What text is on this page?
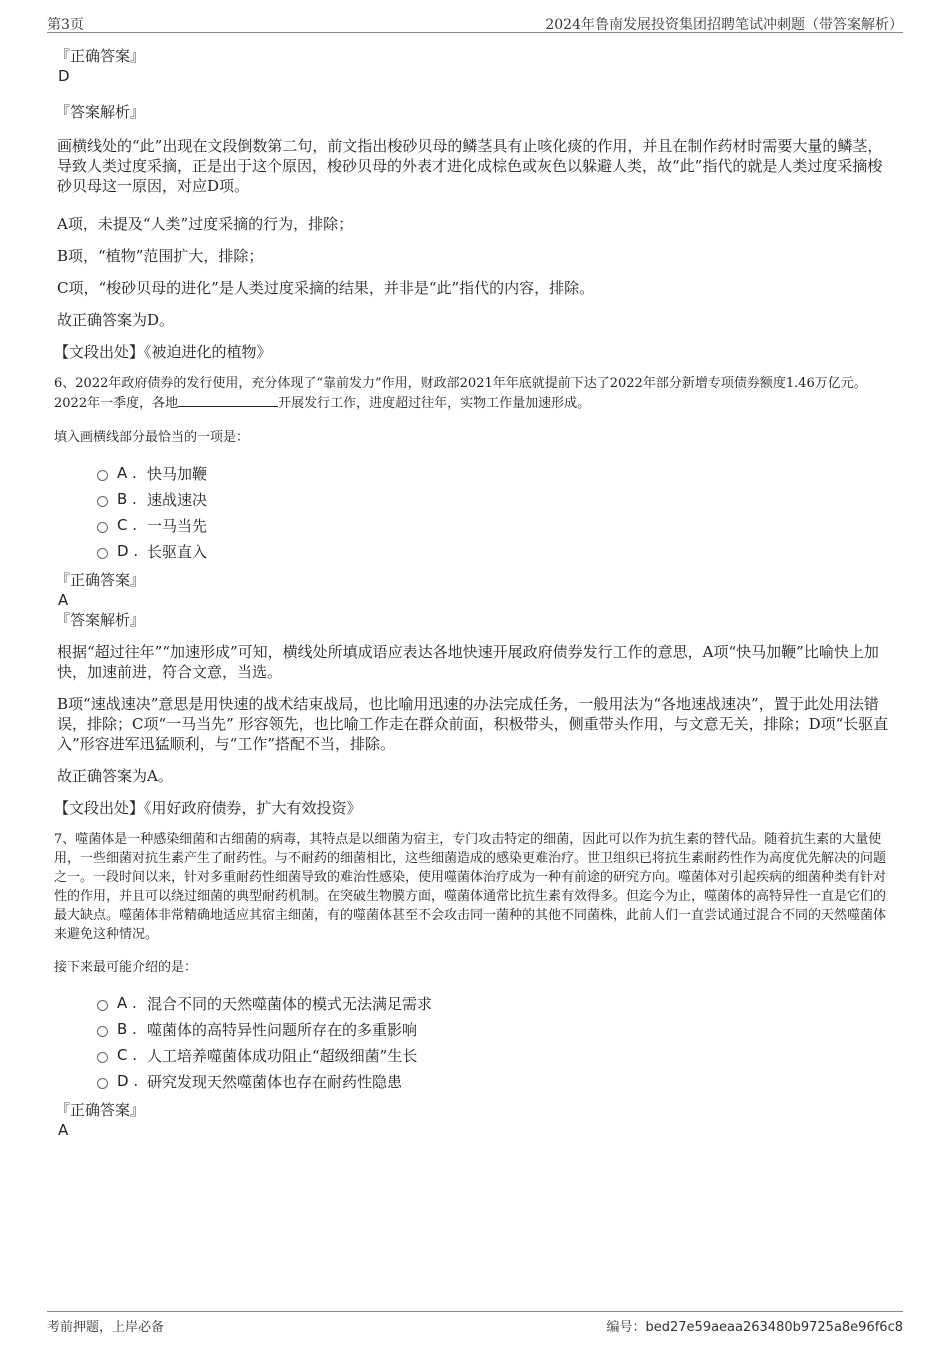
第3页	2024年鲁南发展投资集团招聘笔试冲刺题（带答案解析）
『正确答案』
D
『答案解析』

画横线处的“此”出现在文段倒数第二句，前文指出梭砂贝母的鳞茎具有止咳化痰的作用，并且在制作药材时需要大量的鳞茎，导致人类过度采摘，正是出于这个原因，梭砂贝母的外表才进化成棕色或灰色以躲避人类，故“此”指代的就是人类过度采摘梭砂贝母这一原因，对应D项。

A项，未提及“人类”过度采摘的行为，排除；

B项，“植物”范围扩大，排除；

C项，“梭砂贝母的进化”是人类过度采摘的结果，并非是“此”指代的内容，排除。

故正确答案为D。

【文段出处】《被迫进化的植物》

6、2022年政府债券的发行使用，充分体现了“靠前发力”作用，财政部2021年年底就提前下达了2022年部分新增专项债券额度1.46万亿元。2022年一季度，各地	开展发行工作，进度超过往年，实物工作量加速形成。

填入画横线部分最恰当的一项是：

A . 快马加鞭
B . 速战速决
C . 一马当先
D . 长驱直入
『正确答案』
A
『答案解析』

根据“超过往年”“加速形成”可知，横线处所填成语应表达各地快速开展政府债券发行工作的意思，A项“快马加鞭”比喻快上加快，加速前进，符合文意，当选。

B项“速战速决”意思是用快速的战术结束战局，也比喻用迅速的办法完成任务，一般用法为“各地速战速决”，置于此处用法错误，排除；C项“一马当先” 形容领先，也比喻工作走在群众前面，积极带头，侧重带头作用，与文意无关，排除；D项“长驱直入”形容进军迅猛顺利，与“工作”搭配不当，排除。

故正确答案为A。

【文段出处】《用好政府债券，扩大有效投资》

7、噬菌体是一种感染细菌和古细菌的病毒，其特点是以细菌为宿主，专门攻击特定的细菌，因此可以作为抗生素的替代品。随着抗生素的大量使用，一些细菌对抗生素产生了耐药性。与不耐药的细菌相比，这些细菌造成的感染更难治疗。世卫组织已将抗生素耐药性作为高度优先解决的问题之一。一段时间以来，针对多重耐药性细菌导致的难治性感染，使用噬菌体治疗成为一种有前途的研究方向。噬菌体对引起疾病的细菌种类有针对性的作用，并且可以绕过细菌的典型耐药机制。在突破生物膜方面，噬菌体通常比抗生素有效得多。但迄今为止，噬菌体的高特异性一直是它们的最大缺点。噬菌体非常精确地适应其宿主细菌，有的噬菌体甚至不会攻击同一菌种的其他不同菌株，此前人们一直尝试通过混合不同的天然噬菌体来避免这种情况。

接下来最可能介绍的是：

A . 混合不同的天然噬菌体的模式无法满足需求
B . 噬菌体的高特异性问题所存在的多重影响
C . 人工培养噬菌体成功阻止“超级细菌”生长
D . 研究发现天然噬菌体也存在耐药性隐患
『正确答案』
A
考前押题，上岸必备	编号：bed27e59aeaa263480b9725a8e96f6c8
